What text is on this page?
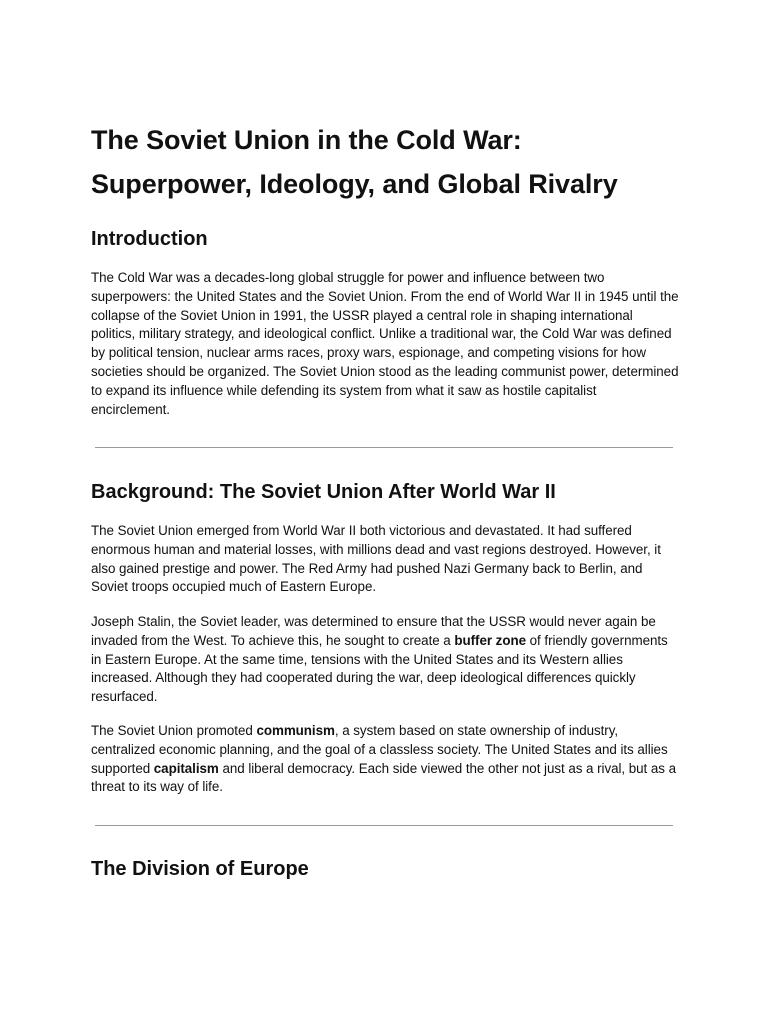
The Soviet Union in the Cold War:
Superpower, Ideology, and Global Rivalry
Introduction

The Cold War was a decades-long global struggle for power and influence between two superpowers: the United States and the Soviet Union. From the end of World War II in 1945 until the collapse of the Soviet Union in 1991, the USSR played a central role in shaping international politics, military strategy, and ideological conflict. Unlike a traditional war, the Cold War was defined by political tension, nuclear arms races, proxy wars, espionage, and competing visions for how societies should be organized. The Soviet Union stood as the leading communist power, determined to expand its influence while defending its system from what it saw as hostile capitalist encirclement.

Background: The Soviet Union After World War II

The Soviet Union emerged from World War II both victorious and devastated. It had suffered enormous human and material losses, with millions dead and vast regions destroyed. However, it also gained prestige and power. The Red Army had pushed Nazi Germany back to Berlin, and Soviet troops occupied much of Eastern Europe.

Joseph Stalin, the Soviet leader, was determined to ensure that the USSR would never again be invaded from the West. To achieve this, he sought to create a buffer zone of friendly governments in Eastern Europe. At the same time, tensions with the United States and its Western allies increased. Although they had cooperated during the war, deep ideological differences quickly resurfaced.

The Soviet Union promoted communism, a system based on state ownership of industry, centralized economic planning, and the goal of a classless society. The United States and its allies supported capitalism and liberal democracy. Each side viewed the other not just as a rival, but as a threat to its way of life.

The Division of Europe
